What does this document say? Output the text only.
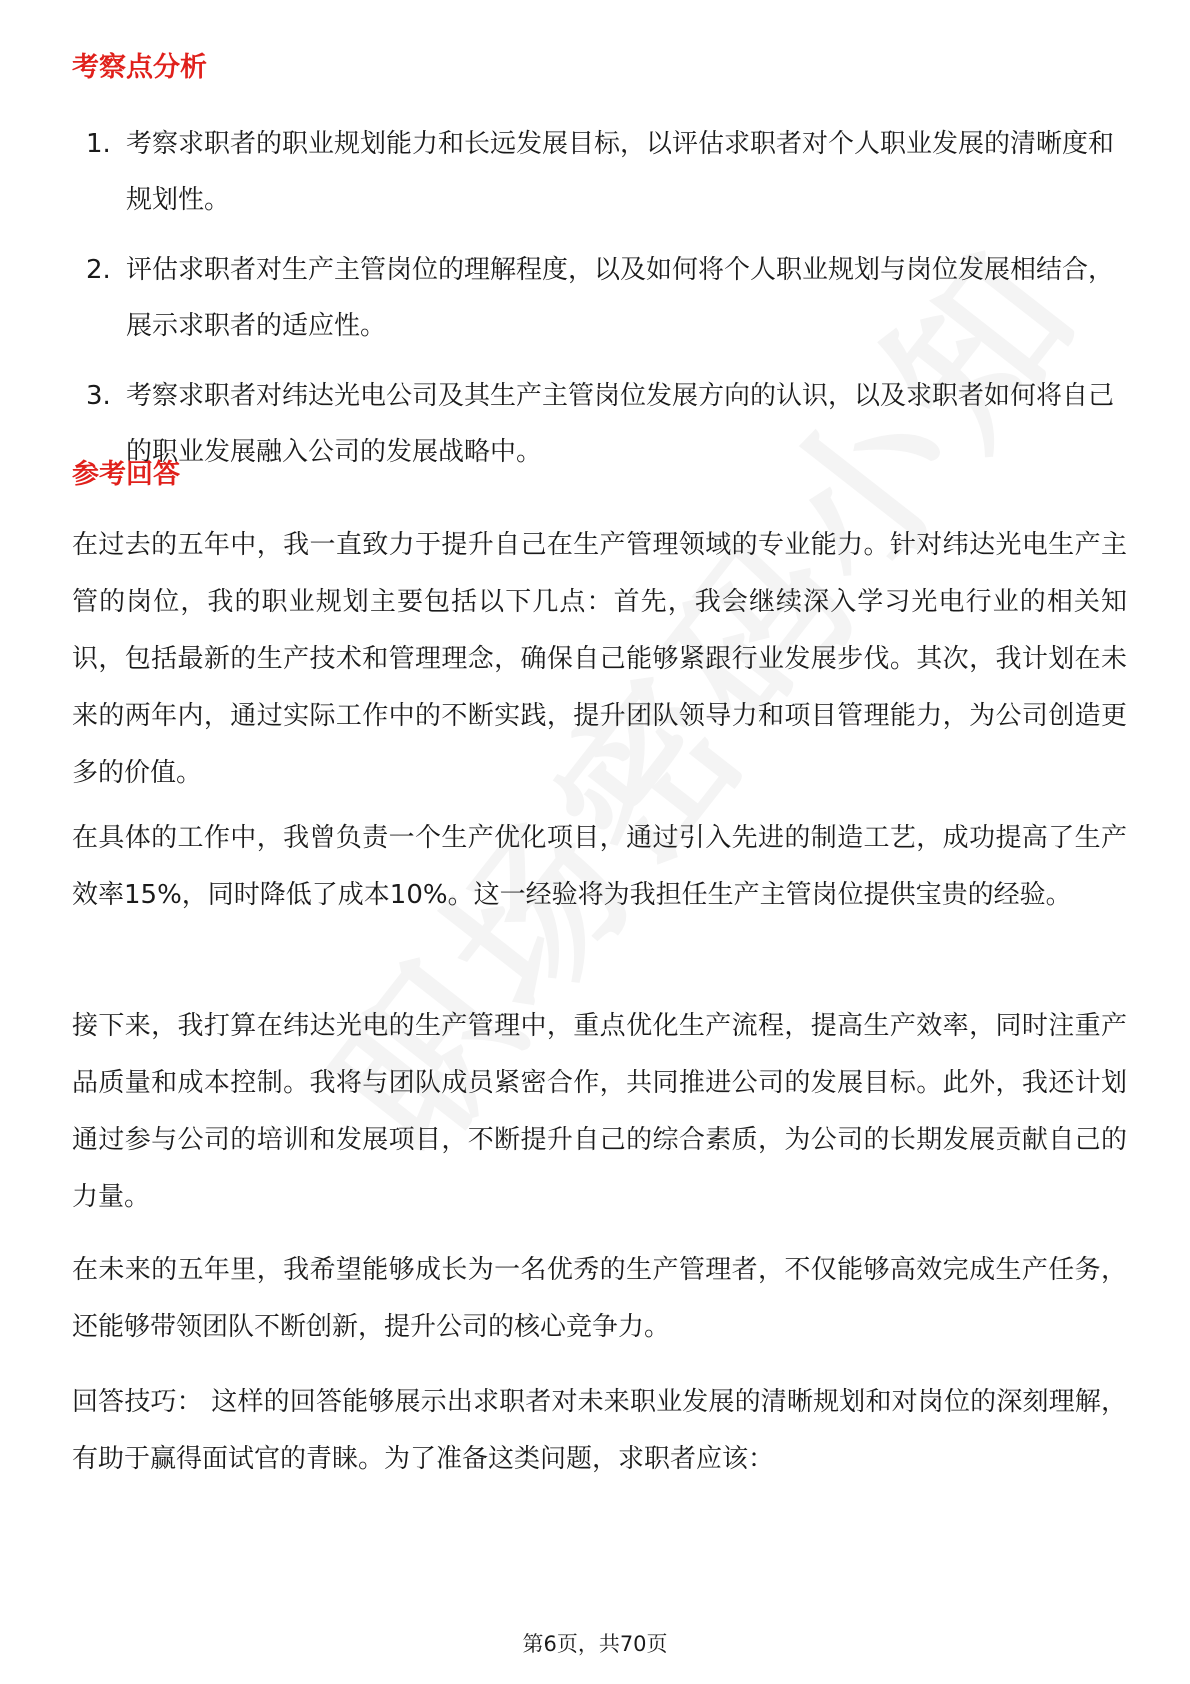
考察点分析
1. 考察求职者的职业规划能力和长远发展目标，以评估求职者对个人职业发展的清晰度和规划性。
2. 评估求职者对生产主管岗位的理解程度，以及如何将个人职业规划与岗位发展相结合，展示求职者的适应性。
3. 考察求职者对纬达光电公司及其生产主管岗位发展方向的认识，以及求职者如何将自己的职业发展融入公司的发展战略中。
参考回答

在过去的五年中，我一直致力于提升自己在生产管理领域的专业能力。针对纬达光电生产主管的岗位，我的职业规划主要包括以下几点：首先，我会继续深入学习光电行业的相关知识，包括最新的生产技术和管理理念，确保自己能够紧跟行业发展步伐。其次，我计划在未来的两年内，通过实际工作中的不断实践，提升团队领导力和项目管理能力，为公司创造更多的价值。

在具体的工作中，我曾负责一个生产优化项目，通过引入先进的制造工艺，成功提高了生产效率15%，同时降低了成本10%。这一经验将为我担任生产主管岗位提供宝贵的经验。

接下来，我打算在纬达光电的生产管理中，重点优化生产流程，提高生产效率，同时注重产品质量和成本控制。我将与团队成员紧密合作，共同推进公司的发展目标。此外，我还计划通过参与公司的培训和发展项目，不断提升自己的综合素质，为公司的长期发展贡献自己的力量。

在未来的五年里，我希望能够成长为一名优秀的生产管理者，不仅能够高效完成生产任务，还能够带领团队不断创新，提升公司的核心竞争力。

回答技巧： 这样的回答能够展示出求职者对未来职业发展的清晰规划和对岗位的深刻理解，有助于赢得面试官的青睐。为了准备这类问题，求职者应该：

第6页，共70页
